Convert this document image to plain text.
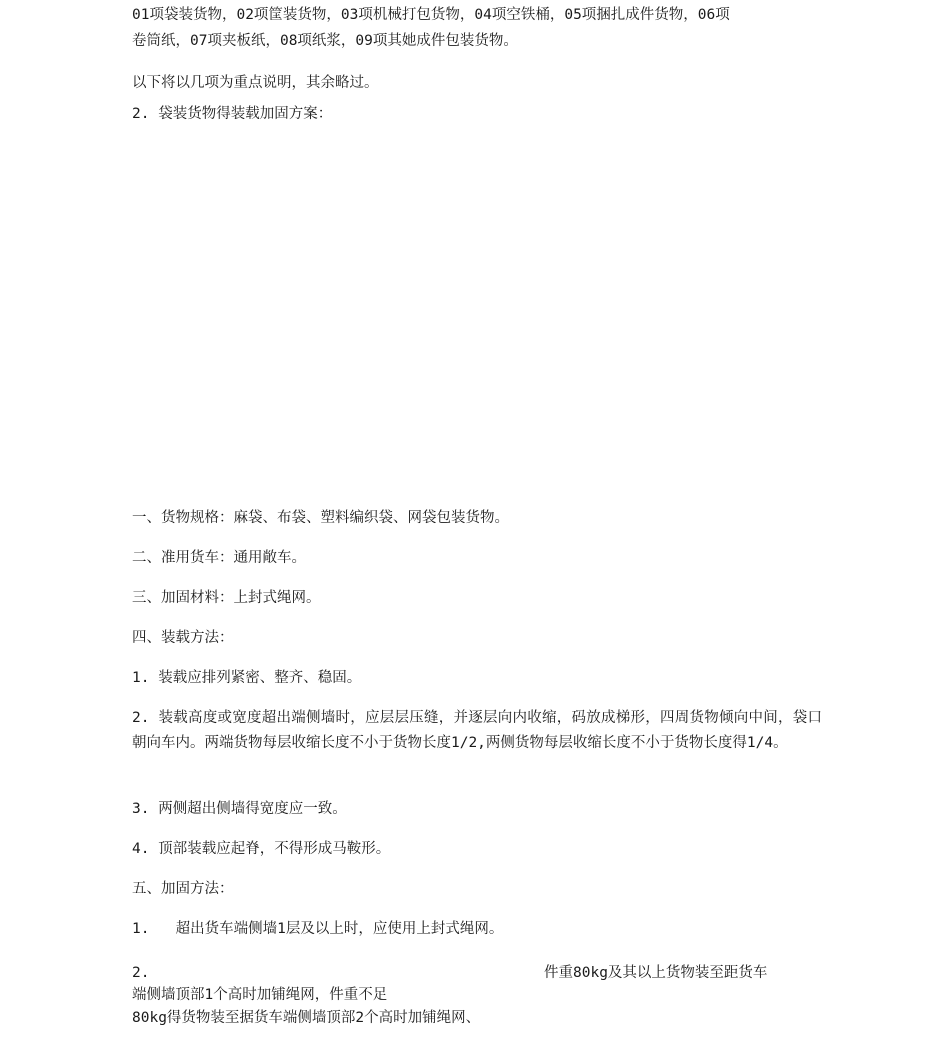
01项袋装货物，02项筐装货物，03项机械打包货物，04项空铁桶，05项捆扎成件货物，06项
卷筒纸，07项夹板纸，08项纸浆，09项其她成件包装货物。
以下将以几项为重点说明，其余略过。
2. 袋装货物得装载加固方案：
一、货物规格：麻袋、布袋、塑料编织袋、网袋包装货物。
二、准用货车：通用敞车。
三、加固材料：上封式绳网。
四、装载方法：
1. 装载应排列紧密、整齐、稳固。
2. 装载高度或宽度超出端侧墙时，应层层压缝，并逐层向内收缩，码放成梯形，四周货物倾向中间，袋口朝向车内。两端货物每层收缩长度不小于货物长度1/2,两侧货物每层收缩长度不小于货物长度得1/4。
3. 两侧超出侧墙得宽度应一致。
4. 顶部装载应起脊，不得形成马鞍形。
五、加固方法：
1.   超出货车端侧墙1层及以上时，应使用上封式绳网。
2.	件重80kg及其以上货物装至距货车
端侧墙顶部1个高时加铺绳网，件重不足
80kg得货物装至据货车端侧墙顶部2个高时加铺绳网、
